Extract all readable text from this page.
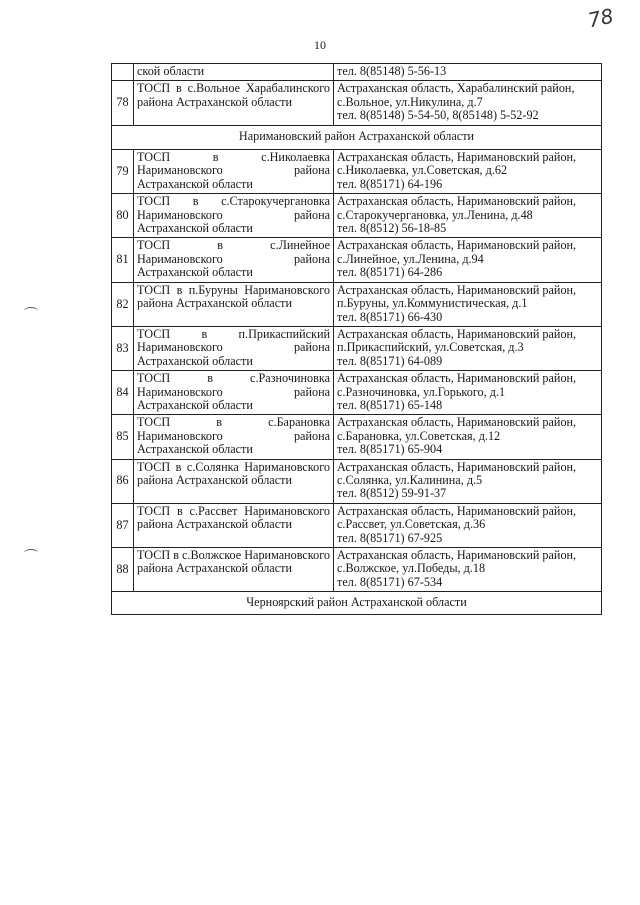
10
78
	ской области	тел. 8(85148) 5-56-13
78	ТОСП в с.Вольное Харабалинского района Астраханской области	Астраханская область, Харабалинский район, с.Вольное, ул.Никулина, д.7
тел. 8(85148) 5-54-50, 8(85148) 5-52-92

Наримановский район Астраханской области		
79	ТОСП в с.Николаевка Наримановского района Астраханской области	Астраханская область, Наримановский район, с.Николаевка, ул.Советская, д.62
тел. 8(85171) 64-196

80	ТОСП в с.Старокучергановка Наримановского района Астраханской области	Астраханская область, Наримановский район, с.Старокучергановка, ул.Ленина, д.48
тел. 8(8512) 56-18-85

81	ТОСП в с.Линейное Наримановского района Астраханской области	Астраханская область, Наримановский район, с.Линейное, ул.Ленина, д.94
тел. 8(85171) 64-286

82	ТОСП в п.Буруны Наримановского района Астраханской области	Астраханская область, Наримановский район, п.Буруны, ул.Коммунистическая, д.1
тел. 8(85171) 66-430

83	ТОСП в п.Прикаспийский Наримановского района Астраханской области	Астраханская область, Наримановский район, п.Прикаспийский, ул.Советская, д.3
тел. 8(85171) 64-089

84	ТОСП в с.Разночиновка Наримановского района Астраханской области	Астраханская область, Наримановский район, с.Разночиновка, ул.Горького, д.1
тел. 8(85171) 65-148

85	ТОСП в с.Барановка Наримановского района Астраханской области	Астраханская область, Наримановский район, с.Барановка, ул.Советская, д.12
тел. 8(85171) 65-904

86	ТОСП в с.Солянка Наримановского района Астраханской области	Астраханская область, Наримановский район, с.Солянка, ул.Калинина, д.5
тел. 8(8512) 59-91-37

87	ТОСП в с.Рассвет Наримановского района Астраханской области	Астраханская область, Наримановский район, с.Рассвет, ул.Советская, д.36
тел. 8(85171) 67-925

88	ТОСП в с.Волжское Наримановского района Астраханской области	Астраханская область, Наримановский район, с.Волжское, ул.Победы, д.18
тел. 8(85171) 67-534

Черноярский район Астраханской области		
